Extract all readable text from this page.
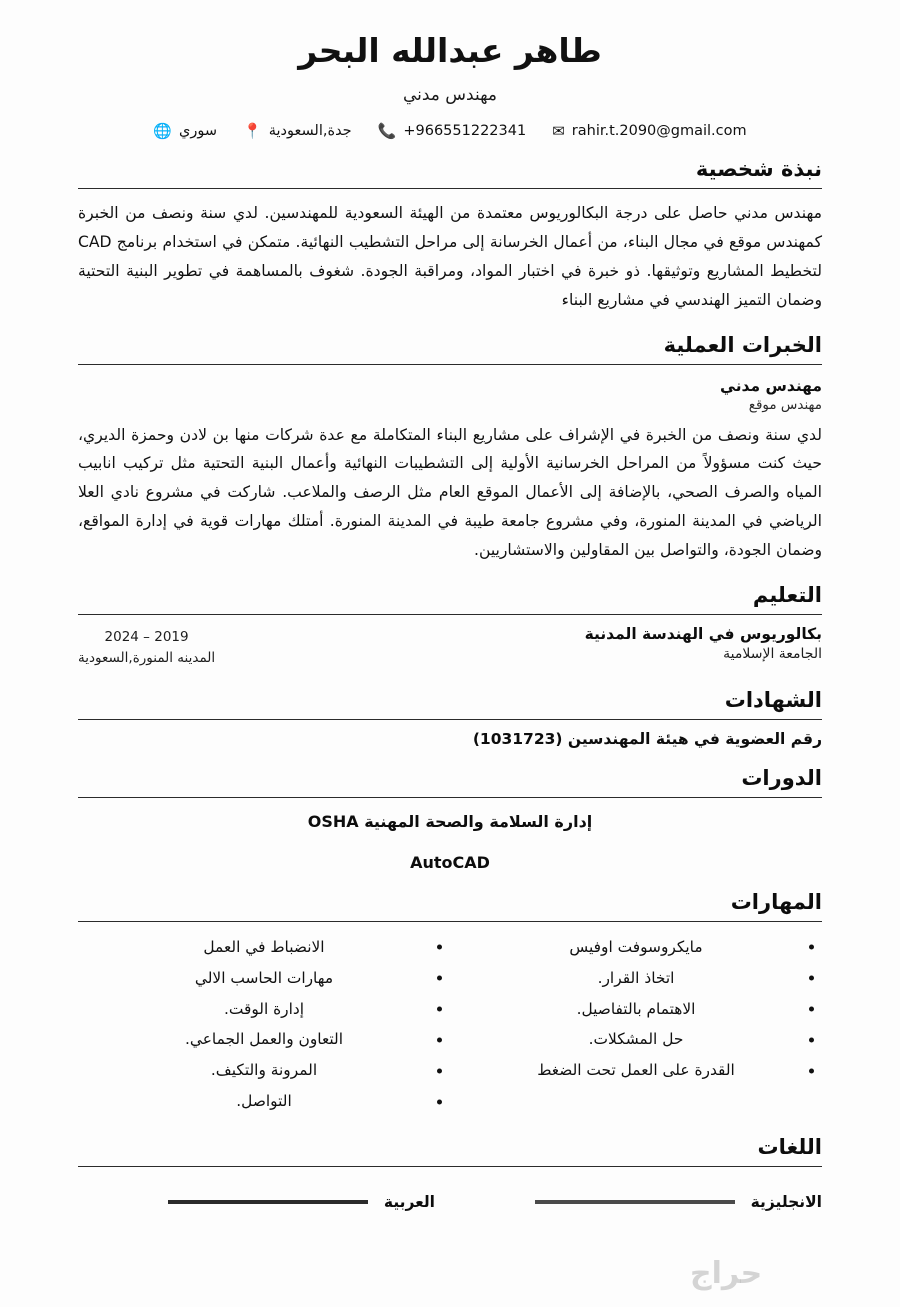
طاهر عبدالله البحر
مهندس مدني
rahir.t.2090@gmail.com
✉
+966551222341
📞
جدة,السعودية
📍
سوري
🌐
نبذة شخصية

مهندس مدني حاصل على درجة البكالوريوس معتمدة من الهيئة السعودية للمهندسين. لدي سنة ونصف من الخبرة كمهندس موقع في مجال البناء، من أعمال الخرسانة إلى مراحل التشطيب النهائية. متمكن في استخدام برنامج CAD لتخطيط المشاريع وتوثيقها. ذو خبرة في اختبار المواد، ومراقبة الجودة. شغوف بالمساهمة في تطوير البنية التحتية وضمان التميز الهندسي في مشاريع البناء

الخبرات العملية
مهندس مدني
مهندس موقع

لدي سنة ونصف من الخبرة في الإشراف على مشاريع البناء المتكاملة مع عدة شركات منها بن لادن وحمزة الديري، حيث كنت مسؤولاً من المراحل الخرسانية الأولية إلى التشطيبات النهائية وأعمال البنية التحتية مثل تركيب انابيب المياه والصرف الصحي، بالإضافة إلى الأعمال الموقع العام مثل الرصف والملاعب. شاركت في مشروع نادي العلا الرياضي في المدينة المنورة، وفي مشروع جامعة طيبة في المدينة المنورة. أمتلك مهارات قوية في إدارة المواقع، وضمان الجودة، والتواصل بين المقاولين والاستشاريين.

التعليم
بكالوريوس في الهندسة المدنية
الجامعة الإسلامية
2019 – 2024
المدينه المنورة,السعودية
الشهادات
رقم العضوية في هيئة المهندسين (1031723)
الدورات
إدارة السلامة والصحة المهنية OSHA
AutoCAD
المهارات
مايكروسوفت اوفيس
اتخاذ القرار.
الاهتمام بالتفاصيل.
حل المشكلات.
القدرة على العمل تحت الضغط
الانضباط في العمل
مهارات الحاسب الالي
إدارة الوقت.
التعاون والعمل الجماعي.
المرونة والتكيف.
التواصل.
اللغات
الانجليزية
العربية
حراج
